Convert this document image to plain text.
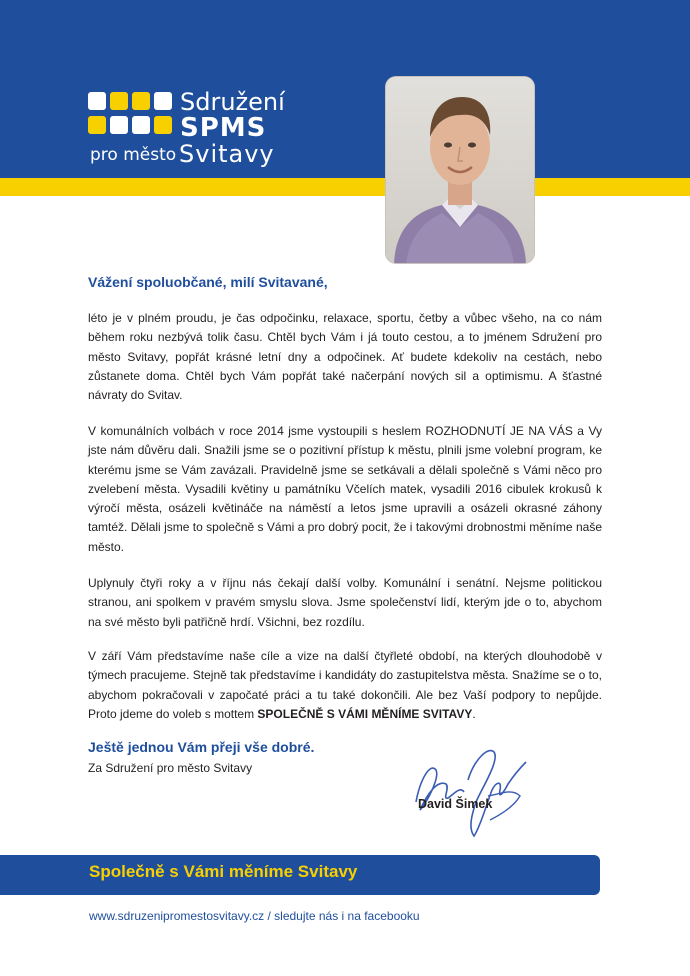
Sdružení
SPMS
pro město Svitavy
Vážení spoluobčané, milí Svitavané,

léto je v plném proudu, je čas odpočinku, relaxace, sportu, četby a vůbec všeho, na co nám během roku nezbývá tolik času. Chtěl bych Vám i já touto cestou, a to jménem Sdružení pro město Svitavy, popřát krásné letní dny a odpočinek. Ať budete kdekoliv na cestách, nebo zůstanete doma. Chtěl bych Vám popřát také načerpání nových sil a optimismu. A šťastné návraty do Svitav.

V komunálních volbách v roce 2014 jsme vystoupili s heslem ROZHODNUTÍ JE NA VÁS a Vy jste nám důvěru dali. Snažili jsme se o pozitivní přístup k městu, plnili jsme volební program, ke kterému jsme se Vám zavázali. Pravidelně jsme se setkávali a dělali společně s Vámi něco pro zvelebení města. Vysadili květiny u památníku Včelích matek, vysadili 2016 cibulek krokusů k výročí města, osázeli květináče na náměstí a letos jsme upravili a osázeli okrasné záhony tamtéž. Dělali jsme to společně s Vámi a pro dobrý pocit, že i takovými drobnostmi měníme naše město.

Uplynuly čtyři roky a v říjnu nás čekají další volby. Komunální i senátní. Nejsme politickou stranou, ani spolkem v pravém smyslu slova. Jsme společenství lidí, kterým jde o to, abychom na své město byli patřičně hrdí. Všichni, bez rozdílu.

V září Vám představíme naše cíle a vize na další čtyřleté období, na kterých dlouhodobě v týmech pracujeme. Stejně tak představíme i kandidáty do zastupitelstva města. Snažíme se o to, abychom pokračovali v započaté práci a tu také dokončili. Ale bez Vaší podpory to nepůjde. Proto jdeme do voleb s mottem SPOLEČNĚ S VÁMI MĚNÍME SVITAVY.

Ještě jednou Vám přeji vše dobré.
Za Sdružení pro město Svitavy
David Šimek
Společně s Vámi měníme Svitavy
www.sdruzenipromestosvitavy.cz / sledujte nás i na facebooku
